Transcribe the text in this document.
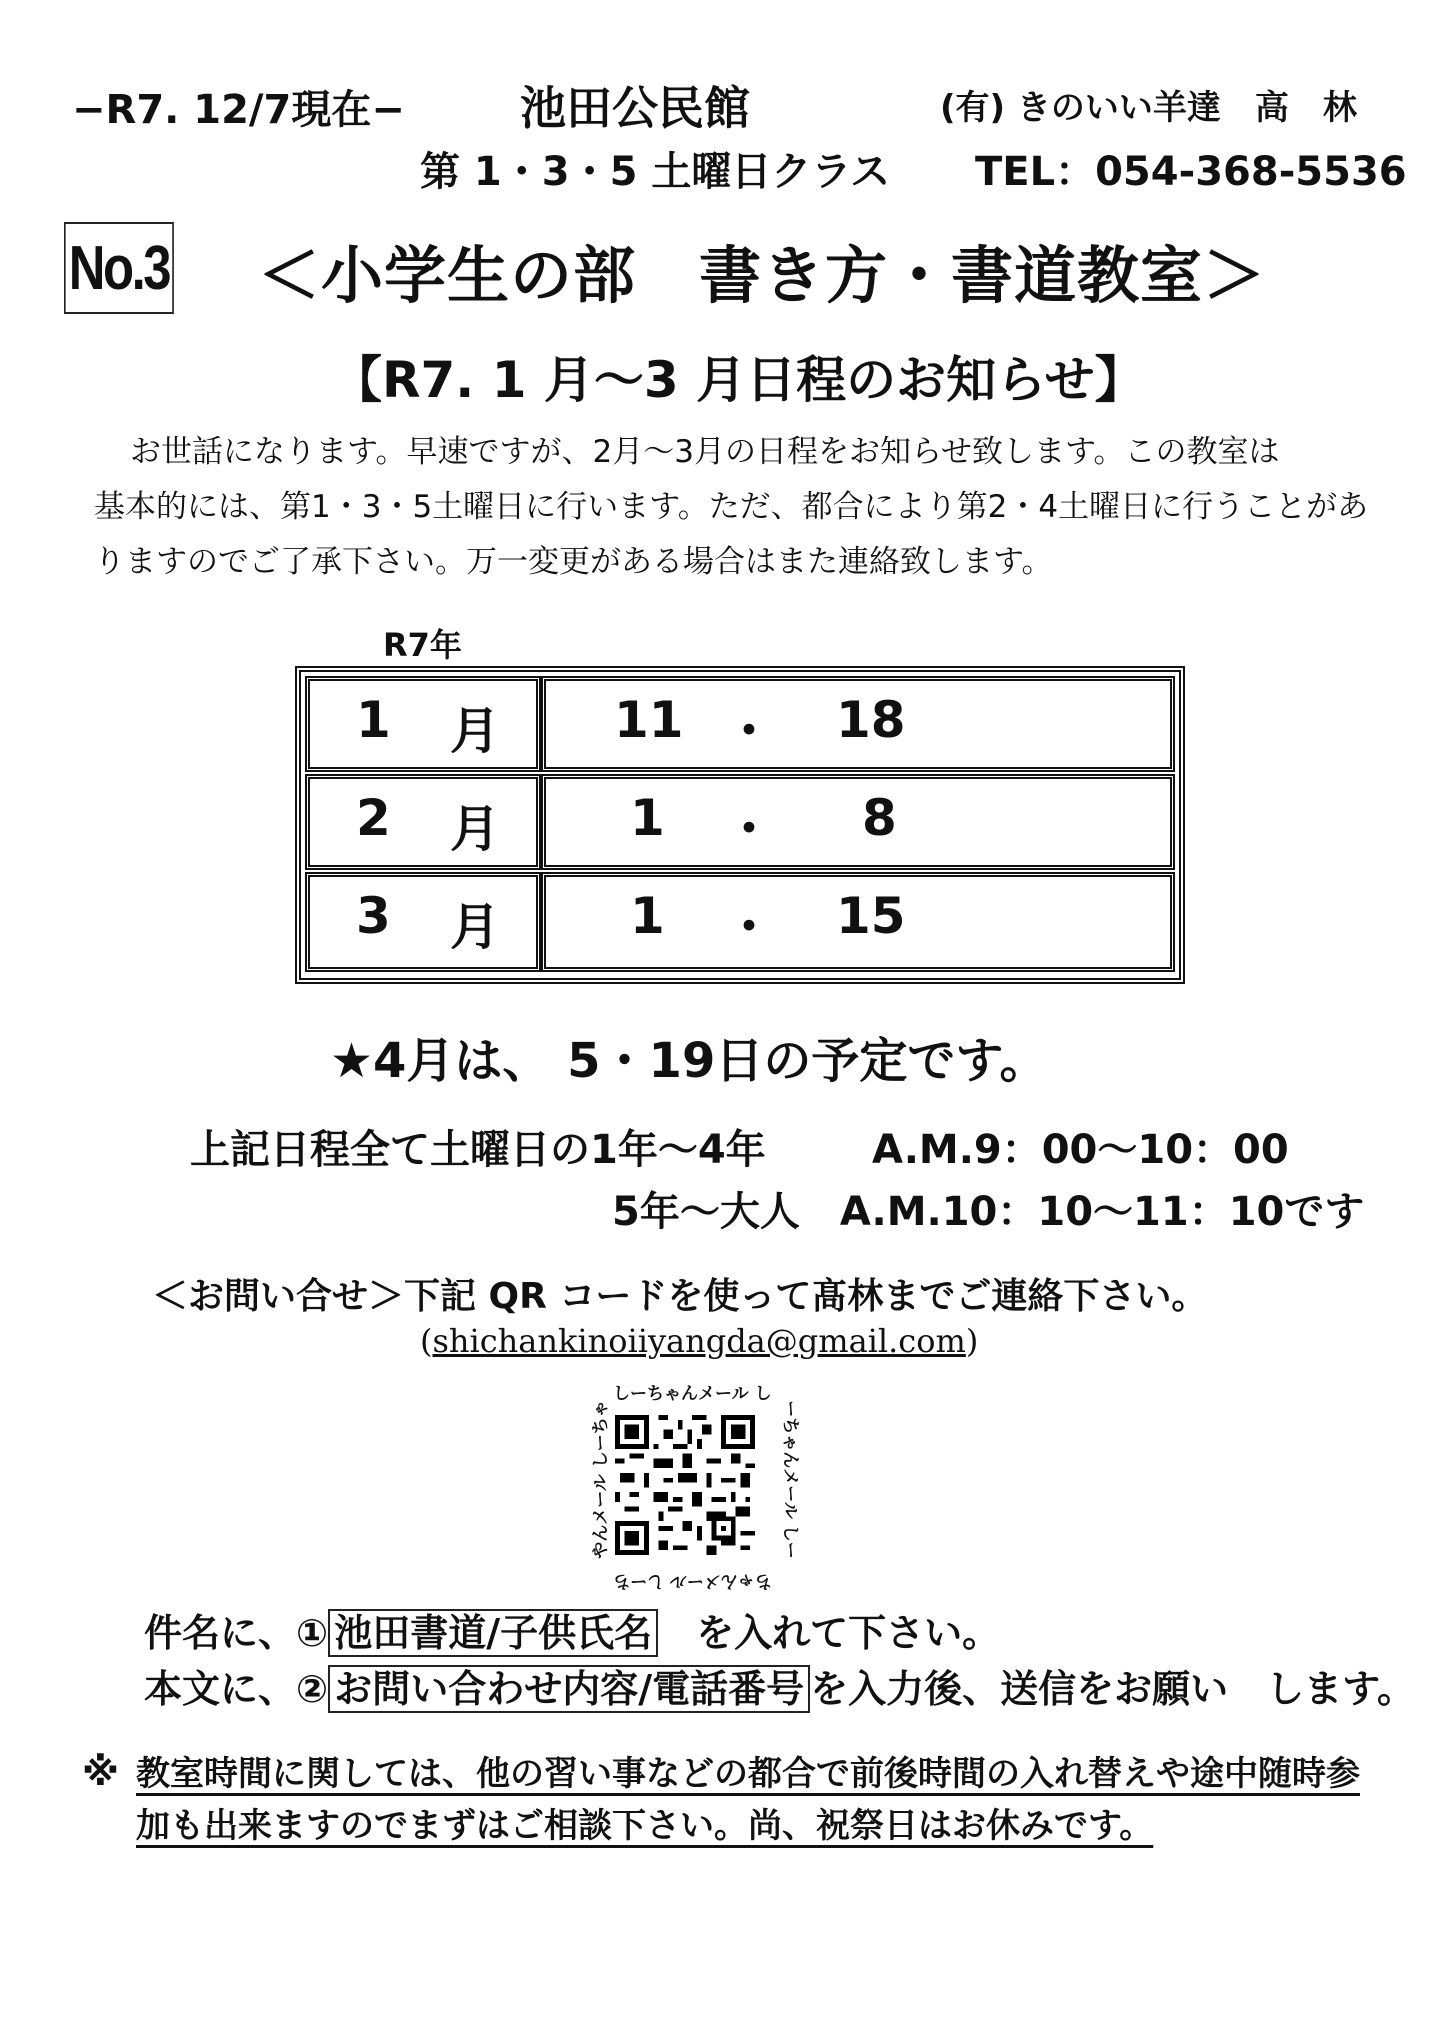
−R7. 12/7現在−	池田公民館	(有) きのいい羊達　高　林
第 1・3・5 土曜日クラス TEL：054-368-5536
No.3 ＜小学生の部　書き方・書道教室＞
【R7. 1 月～3 月日程のお知らせ】

お世話になります。早速ですが、2月～3月の日程をお知らせ致します。この教室は

基本的には、第1・3・5土曜日に行います。ただ、都合により第2・4土曜日に行うことがあ

りますのでご了承下さい。万一変更がある場合はまた連絡致します。

R7年
1 月 11 ・ 18
2 月	1 ・ 8
3 月	1 ・ 15
★4月は、 5・19日の予定です。
上記日程全て土曜日の1年～4年	A.M.9：00～10：00
5年～大人　A.M.10：10～11：10です
＜お問い合せ＞下記 QR コードを使って髙林までご連絡下さい。
(shichankinoiiyangda@gmail.com)
しーちゃんメール し
ーちゃんメール しー
ちゃんメール しーち
やんメール しーちゃ
件名に、① 池田書道/子供氏名　を入れて下さい。
本文に、② お問い合わせ内容/電話番号 を入力後、送信をお願い　します。
※ 教室時間に関しては、他の習い事などの都合で前後時間の入れ替えや途中随時参
加も出来ますのでまずはご相談下さい。尚、祝祭日はお休みです。
